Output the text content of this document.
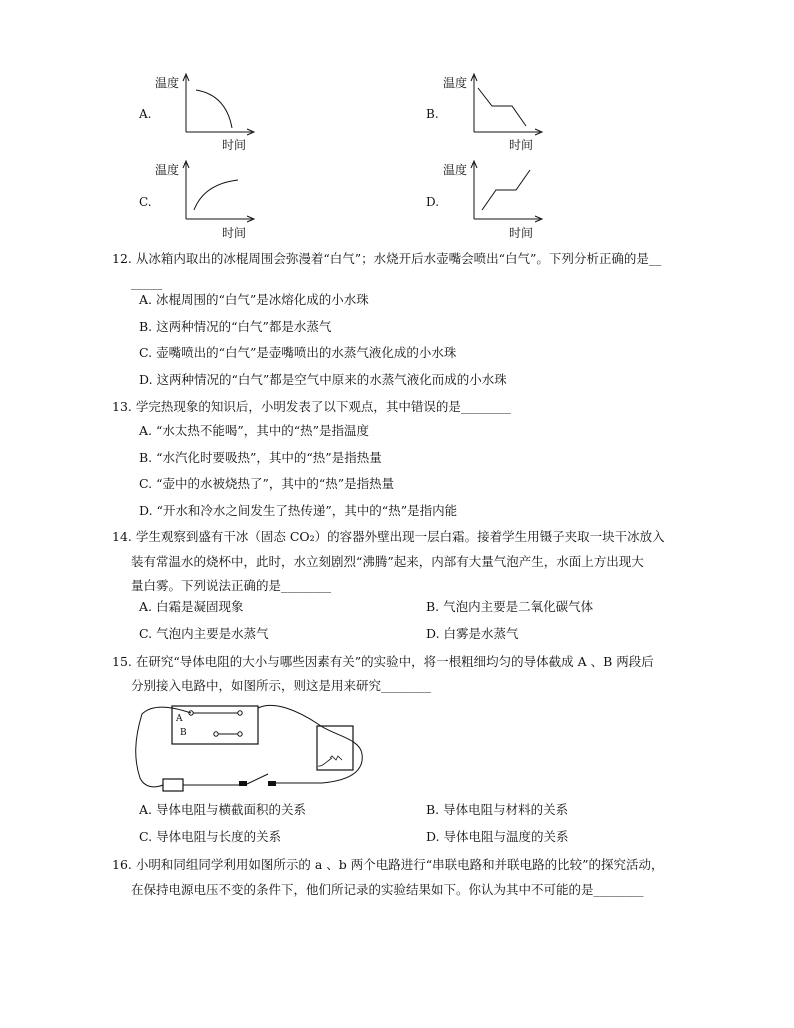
A.
温度
时间
B.
温度
时间
C.
温度
时间
D.
温度
时间
12. 从冰箱内取出的冰棍周围会弥漫着“白气”；水烧开后水壶嘴会喷出“白气”。下列分析正确的是__
_____
A. 冰棍周围的“白气”是冰熔化成的小水珠
B. 这两种情况的“白气”都是水蒸气
C. 壶嘴喷出的“白气”是壶嘴喷出的水蒸气液化成的小水珠
D. 这两种情况的“白气”都是空气中原来的水蒸气液化而成的小水珠
13. 学完热现象的知识后，小明发表了以下观点，其中错误的是________
A. “水太热不能喝”，其中的“热”是指温度
B. “水汽化时要吸热”，其中的“热”是指热量
C. “壶中的水被烧热了”，其中的“热”是指热量
D. “开水和冷水之间发生了热传递”，其中的“热”是指内能
14. 学生观察到盛有干冰（固态 CO₂）的容器外壁出现一层白霜。接着学生用镊子夹取一块干冰放入
装有常温水的烧杯中，此时，水立刻剧烈“沸腾”起来，内部有大量气泡产生，水面上方出现大
量白雾。下列说法正确的是________
A. 白霜是凝固现象	B. 气泡内主要是二氧化碳气体
C. 气泡内主要是水蒸气	D. 白雾是水蒸气
15. 在研究“导体电阻的大小与哪些因素有关”的实验中，将一根粗细均匀的导体截成 A 、B 两段后
分别接入电路中，如图所示，则这是用来研究________
A
B
A. 导体电阻与横截面积的关系	B. 导体电阻与材料的关系
C. 导体电阻与长度的关系	D. 导体电阻与温度的关系
16. 小明和同组同学利用如图所示的 a 、b 两个电路进行“串联电路和并联电路的比较”的探究活动，
在保持电源电压不变的条件下，他们所记录的实验结果如下。你认为其中不可能的是________
